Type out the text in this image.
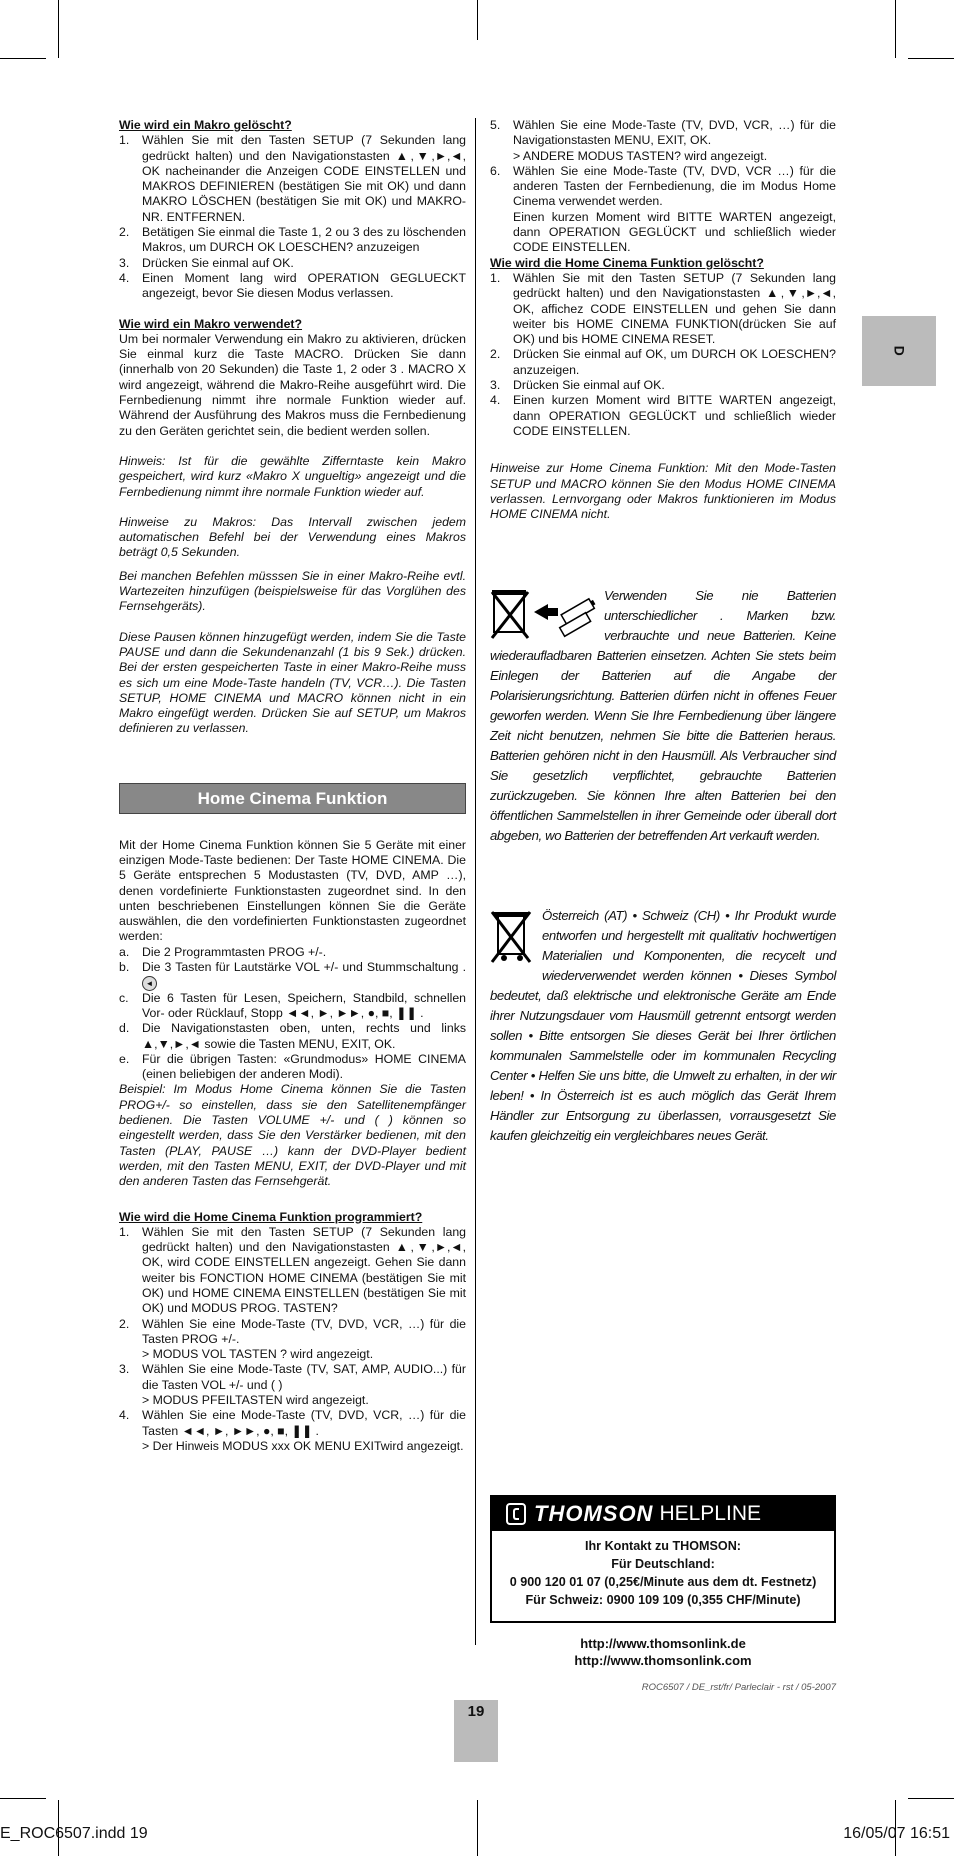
Wie wird ein Makro gelöscht?
1. Wählen Sie mit den Tasten SETUP (7 Sekunden lang gedrückt halten) und den Navigationstasten ▲,▼,►,◄, OK nacheinander die Anzeigen CODE EINSTELLEN und MAKROS DEFINIEREN (bestätigen Sie mit OK) und dann MAKRO LÖSCHEN (bestätigen Sie mit OK) und MAKRO-NR. ENTFERNEN.
2. Betätigen Sie einmal die Taste 1, 2 ou 3 des zu löschenden Makros, um DURCH OK LOESCHEN? anzuzeigen
3. Drücken Sie einmal auf OK.
4. Einen Moment lang wird OPERATION GEGLUECKT angezeigt, bevor Sie diesen Modus verlassen.
Wie wird ein Makro verwendet?

Um bei normaler Verwendung ein Makro zu aktivieren, drücken Sie einmal kurz die Taste MACRO. Drücken Sie dann (innerhalb von 20 Sekunden) die Taste 1, 2 oder 3 . MACRO X wird angezeigt, während die Makro-Reihe ausgeführt wird. Die Fernbedienung nimmt ihre normale Funktion wieder auf. Während der Ausführung des Makros muss die Fernbedienung zu den Geräten gerichtet sein, die bedient werden sollen.

Hinweis: Ist für die gewählte Zifferntaste kein Makro gespeichert, wird kurz «Makro X ungueltig» angezeigt und die Fernbedienung nimmt ihre normale Funktion wieder auf.

Hinweise zu Makros: Das Intervall zwischen jedem automatischen Befehl bei der Verwendung eines Makros beträgt 0,5 Sekunden.

Bei manchen Befehlen müsssen Sie in einer Makro-Reihe evtl. Wartezeiten hinzufügen (beispielsweise für das Vorglühen des Fernsehgeräts).

Diese Pausen können hinzugefügt werden, indem Sie die Taste PAUSE und dann die Sekundenanzahl (1 bis 9 Sek.) drücken. Bei der ersten gespeicherten Taste in einer Makro-Reihe muss es sich um eine Mode-Taste handeln (TV, VCR…). Die Tasten SETUP, HOME CINEMA und MACRO können nicht in ein Makro eingefügt werden. Drücken Sie auf SETUP, um Makros definieren zu verlassen.

Home Cinema Funktion

Mit der Home Cinema Funktion können Sie 5 Geräte mit einer einzigen Mode-Taste bedienen: Der Taste HOME CINEMA. Die 5 Geräte entsprechen 5 Modustasten (TV, DVD, AMP …), denen vordefinierte Funktionstasten zugeordnet sind. In den unten beschriebenen Einstellungen können Sie die Geräte auswählen, die den vordefinierten Funktionstasten zugeordnet werden:

a. Die 2 Programmtasten PROG +/-.
b. Die 3 Tasten für Lautstärke VOL +/- und Stummschaltung . ◄
c. Die 6 Tasten für Lesen, Speichern, Standbild, schnellen Vor- oder Rücklauf, Stopp ◄◄, ►, ►►, ●, ■, ❚❚ .
d. Die Navigationstasten oben, unten, rechts und links ▲,▼,►,◄ sowie die Tasten MENU, EXIT, OK.
e. Für die übrigen Tasten: «Grundmodus» HOME CINEMA (einen beliebigen der anderen Modi).

Beispiel: Im Modus Home Cinema können Sie die Tasten PROG+/- so einstellen, dass sie den Satellitenempfänger bedienen. Die Tasten VOLUME +/- und ( ) können so eingestellt werden, dass Sie den Verstärker bedienen, mit den Tasten (PLAY, PAUSE …) kann der DVD-Player bedient werden, mit den Tasten MENU, EXIT, der DVD-Player und mit den anderen Tasten das Fernsehgerät.

Wie wird die Home Cinema Funktion programmiert?
1. Wählen Sie mit den Tasten SETUP (7 Sekunden lang gedrückt halten) und den Navigationstasten ▲,▼,►,◄, OK, wird CODE EINSTELLEN angezeigt. Gehen Sie dann weiter bis FONCTION HOME CINEMA (bestätigen Sie mit OK) und HOME CINEMA EINSTELLEN (bestätigen Sie mit OK) und MODUS PROG. TASTEN?
2. Wählen Sie eine Mode-Taste (TV, DVD, VCR, …) für die Tasten PROG +/-.
> MODUS VOL TASTEN ? wird angezeigt.
3. Wählen Sie eine Mode-Taste (TV, SAT, AMP, AUDIO...) für die Tasten VOL +/- und ( )
> MODUS PFEILTASTEN wird angezeigt.
4. Wählen Sie eine Mode-Taste (TV, DVD, VCR, …) für die Tasten ◄◄, ►, ►►, ●, ■, ❚❚ .
> Der Hinweis MODUS xxx OK MENU EXITwird angezeigt.
5. Wählen Sie eine Mode-Taste (TV, DVD, VCR, …) für die Navigationstasten MENU, EXIT, OK.
> ANDERE MODUS TASTEN? wird angezeigt.
6. Wählen Sie eine Mode-Taste (TV, DVD, VCR …) für die anderen Tasten der Fernbedienung, die im Modus Home Cinema verwendet werden.
Einen kurzen Moment wird BITTE WARTEN angezeigt, dann OPERATION GEGLÜCKT und schließlich wieder CODE EINSTELLEN.
Wie wird die Home Cinema Funktion gelöscht?
1. Wählen Sie mit den Tasten SETUP (7 Sekunden lang gedrückt halten) und den Navigationstasten ▲,▼,►,◄, OK, affichez CODE EINSTELLEN und gehen Sie dann weiter bis HOME CINEMA FUNKTION(drücken Sie auf OK) und bis HOME CINEMA RESET.
2. Drücken Sie einmal auf OK, um DURCH OK LOESCHEN? anzuzeigen.
3. Drücken Sie einmal auf OK.
4. Einen kurzen Moment wird BITTE WARTEN angezeigt, dann OPERATION GEGLÜCKT und schließlich wieder CODE EINSTELLEN.

Hinweise zur Home Cinema Funktion: Mit den Mode-Tasten SETUP und MACRO können Sie den Modus HOME CINEMA verlassen. Lernvorgang oder Makros funktionieren im Modus HOME CINEMA nicht.

Verwenden Sie nie Batterien unterschiedlicher . Marken bzw. verbrauchte und neue Batterien. Keine wiederaufladbaren Batterien einsetzen. Achten Sie stets beim Einlegen der Batterien auf die Angabe der Polarisierungsrichtung. Batterien dürfen nicht in offenes Feuer geworfen werden. Wenn Sie Ihre Fernbedienung über längere Zeit nicht benutzen, nehmen Sie bitte die Batterien heraus. Batterien gehören nicht in den Hausmüll. Als Verbraucher sind Sie gesetzlich verpflichtet, gebrauchte Batterien zurückzugeben. Sie können Ihre alten Batterien bei den öffentlichen Sammelstellen in ihrer Gemeinde oder überall dort abgeben, wo Batterien der betreffenden Art verkauft werden.

Österreich (AT) • Schweiz (CH) • Ihr Produkt wurde entworfen und hergestellt mit qualitativ hochwertigen Materialien und Komponenten, die recycelt und wiederverwendet werden können • Dieses Symbol bedeutet, daß elektrische und elektronische Geräte am Ende ihrer Nutzungsdauer vom Hausmüll getrennt entsorgt werden sollen • Bitte entsorgen Sie dieses Gerät bei Ihrer örtlichen kommunalen Sammelstelle oder im kommunalen Recycling Center • Helfen Sie uns bitte, die Umwelt zu erhalten, in der wir leben! • In Österreich ist es auch möglich das Gerät Ihrem Händler zur Entsorgung zu überlassen, vorrausgesetzt Sie kaufen gleichzeitig ein vergleichbares neues Gerät.

D
THOMSON HELPLINE
Ihr Kontakt zu THOMSON:
Für Deutschland:
0 900 120 01 07 (0,25€/Minute aus dem dt. Festnetz)
Für Schweiz: 0900 109 109 (0,355 CHF/Minute)
http://www.thomsonlink.de
http://www.thomsonlink.com
ROC6507 / DE_rst/fr/ Parleclair - rst / 05-2007
19
E_ROC6507.indd 19	16/05/07 16:51
